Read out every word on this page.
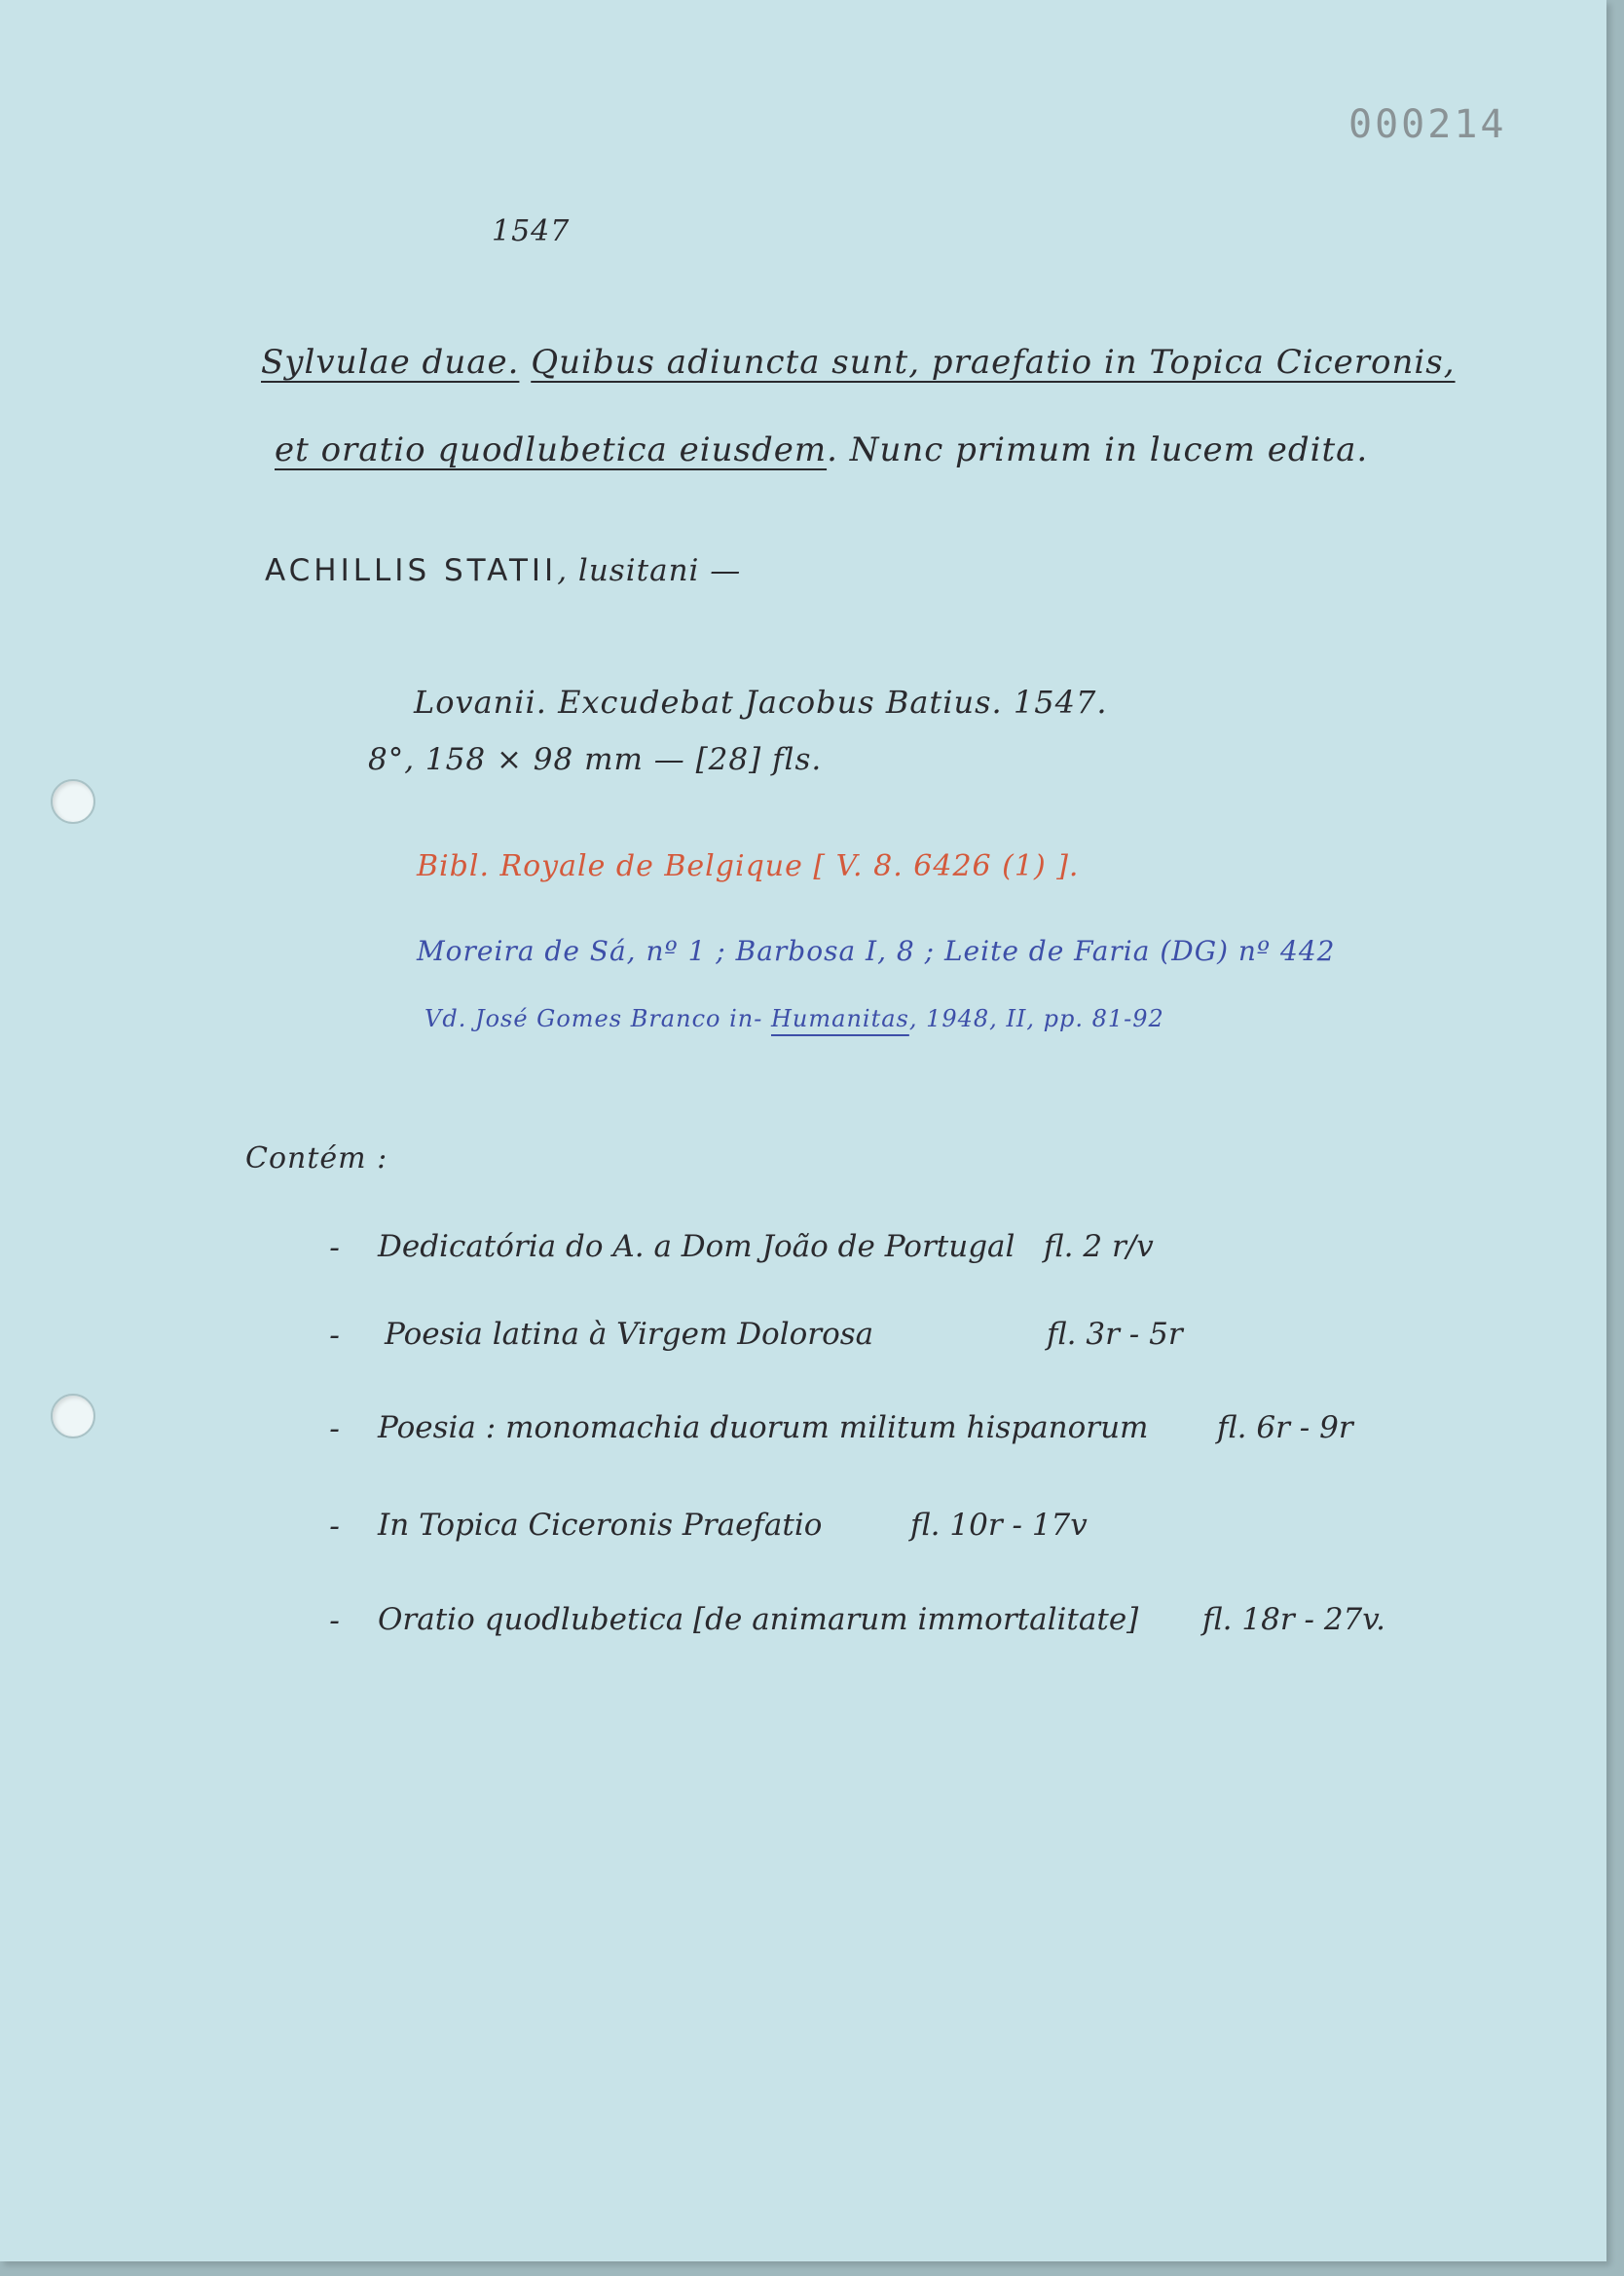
000214
1547
Sylvulae duae. Quibus adiuncta sunt, praefatio in Topica Ciceronis,
et oratio quodlubetica eiusdem. Nunc primum in lucem edita.
ACHILLIS STATII, lusitani —
Lovanii. Excudebat Jacobus Batius. 1547.
8°, 158 × 98 mm — [28] fls.
Bibl. Royale de Belgique [ V. 8. 6426 (1) ].
Moreira de Sá, nº 1 ; Barbosa I, 8 ; Leite de Faria (DG) nº 442
Vd. José Gomes Branco in- Humanitas, 1948, II, pp. 81-92
Contém :
- Dedicatória do A. a Dom João de Portugal fl. 2 r/v
- Poesia latina à Virgem Dolorosa	fl. 3r - 5r
- Poesia : monomachia duorum militum hispanorum fl. 6r - 9r
- In Topica Ciceronis Praefatio	fl. 10r - 17v
- Oratio quodlubetica [de animarum immortalitate] fl. 18r - 27v.
